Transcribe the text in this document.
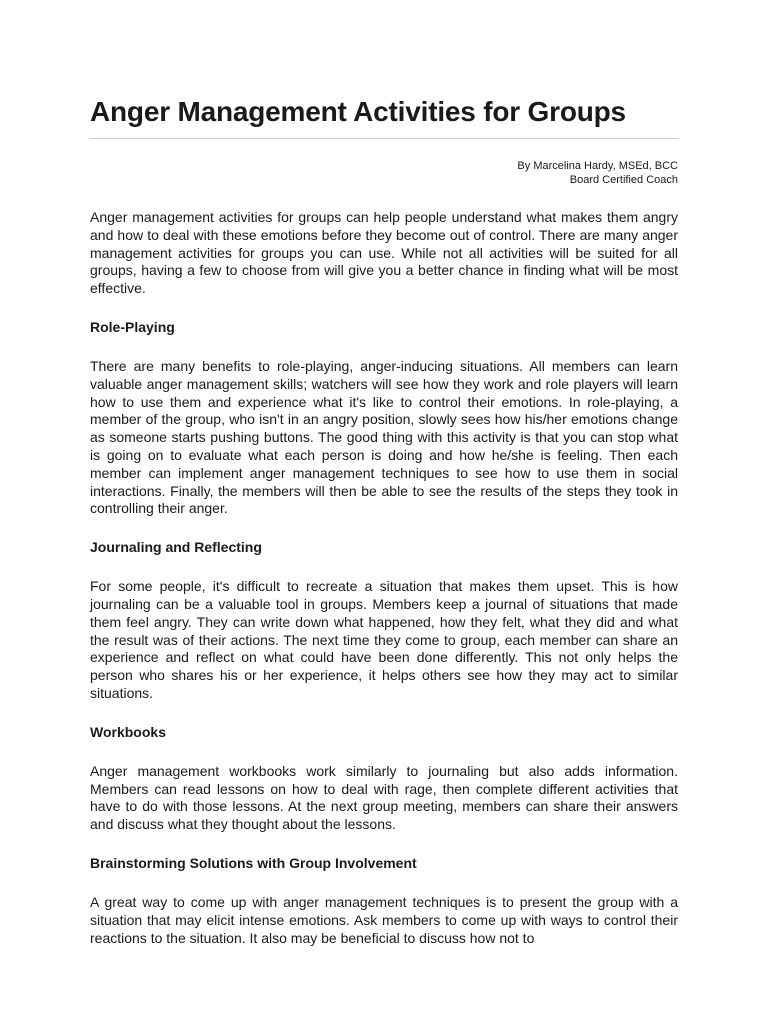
Anger Management Activities for Groups
By Marcelina Hardy, MSEd, BCC
Board Certified Coach

Anger management activities for groups can help people understand what makes them angry and how to deal with these emotions before they become out of control. There are many anger management activities for groups you can use. While not all activities will be suited for all groups, having a few to choose from will give you a better chance in finding what will be most effective.

Role-Playing

There are many benefits to role-playing, anger-inducing situations. All members can learn valuable anger management skills; watchers will see how they work and role players will learn how to use them and experience what it's like to control their emotions. In role-playing, a member of the group, who isn't in an angry position, slowly sees how his/her emotions change as someone starts pushing buttons. The good thing with this activity is that you can stop what is going on to evaluate what each person is doing and how he/she is feeling. Then each member can implement anger management techniques to see how to use them in social interactions. Finally, the members will then be able to see the results of the steps they took in controlling their anger.

Journaling and Reflecting

For some people, it's difficult to recreate a situation that makes them upset. This is how journaling can be a valuable tool in groups. Members keep a journal of situations that made them feel angry. They can write down what happened, how they felt, what they did and what the result was of their actions. The next time they come to group, each member can share an experience and reflect on what could have been done differently. This not only helps the person who shares his or her experience, it helps others see how they may act to similar situations.

Workbooks

Anger management workbooks work similarly to journaling but also adds information. Members can read lessons on how to deal with rage, then complete different activities that have to do with those lessons. At the next group meeting, members can share their answers and discuss what they thought about the lessons.

Brainstorming Solutions with Group Involvement

A great way to come up with anger management techniques is to present the group with a situation that may elicit intense emotions. Ask members to come up with ways to control their reactions to the situation. It also may be beneficial to discuss how not to
